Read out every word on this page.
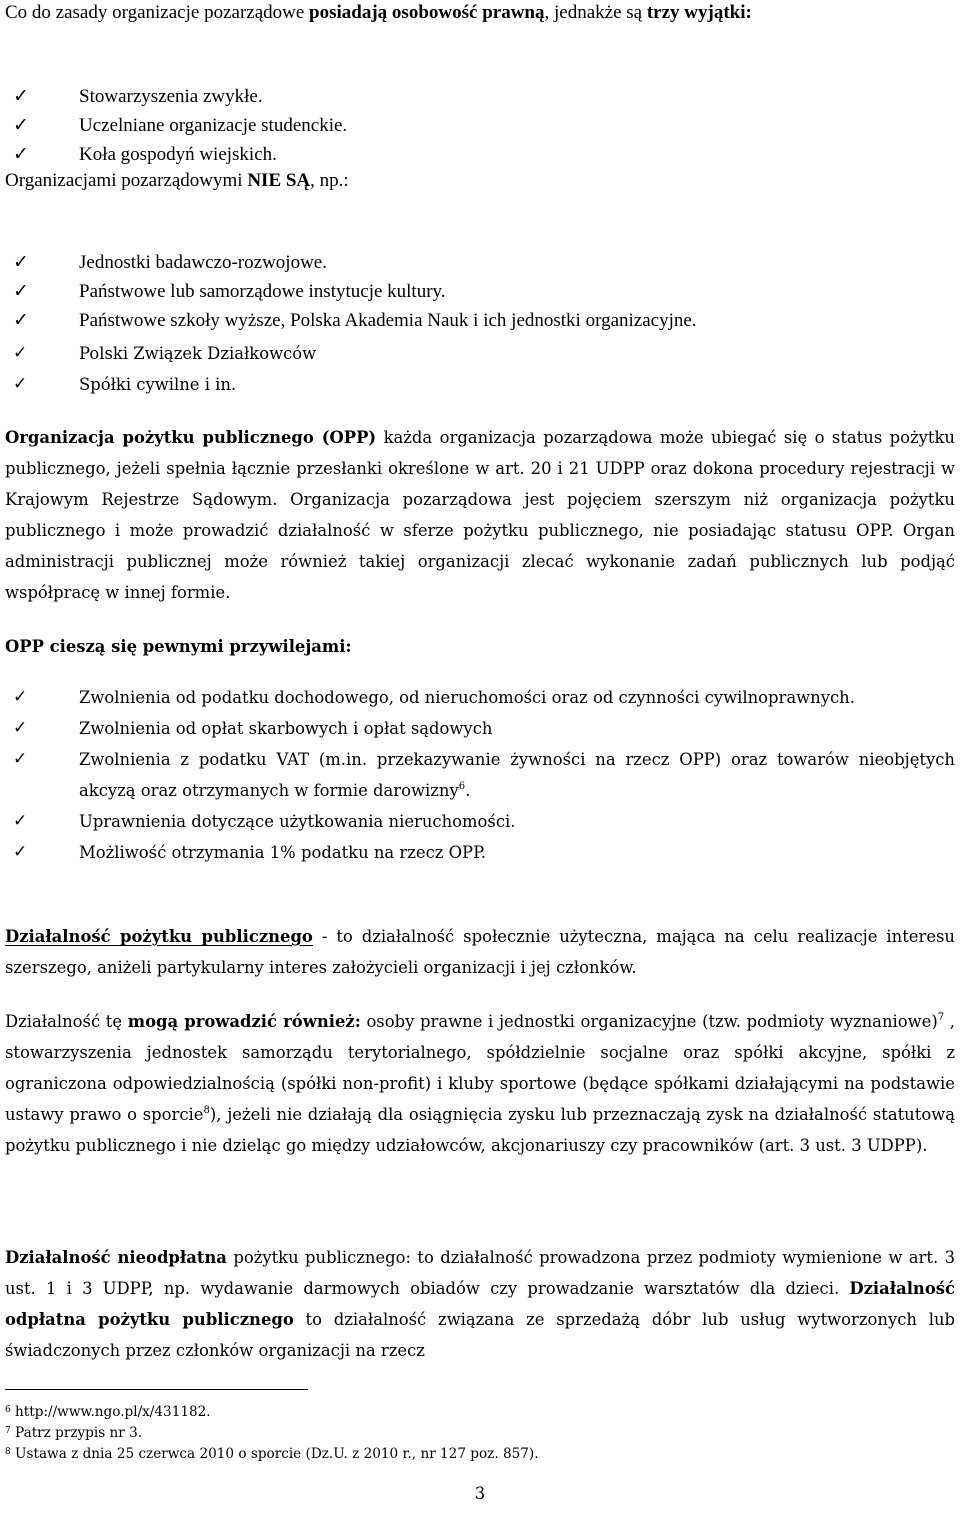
Co do zasady organizacje pozarządowe posiadają osobowość prawną, jednakże są trzy wyjątki:

✓	Stowarzyszenia zwykłe.
✓	Uczelniane organizacje studenckie.
✓	Koła gospodyń wiejskich.

Organizacjami pozarządowymi NIE SĄ, np.:

✓	Jednostki badawczo-rozwojowe.
✓	Państwowe lub samorządowe instytucje kultury.
✓	Państwowe szkoły wyższe, Polska Akademia Nauk i ich jednostki organizacyjne.
✓	Polski Związek Działkowców
✓	Spółki cywilne i in.

Organizacja pożytku publicznego (OPP) każda organizacja pozarządowa może ubiegać się o status pożytku publicznego, jeżeli spełnia łącznie przesłanki określone w art. 20 i 21 UDPP oraz dokona procedury rejestracji w Krajowym Rejestrze Sądowym. Organizacja pozarządowa jest pojęciem szerszym niż organizacja pożytku publicznego i może prowadzić działalność w sferze pożytku publicznego, nie posiadając statusu OPP. Organ administracji publicznej może również takiej organizacji zlecać wykonanie zadań publicznych lub podjąć współpracę w innej formie.

OPP cieszą się pewnymi przywilejami:

✓	Zwolnienia od podatku dochodowego, od nieruchomości oraz od czynności cywilnoprawnych.
✓	Zwolnienia od opłat skarbowych i opłat sądowych
✓	Zwolnienia z podatku VAT (m.in. przekazywanie żywności na rzecz OPP) oraz towarów nieobjętych akcyzą oraz otrzymanych w formie darowizny$^6$.
✓	Uprawnienia dotyczące użytkowania nieruchomości.
✓	Możliwość otrzymania 1% podatku na rzecz OPP.

Działalność pożytku publicznego - to działalność społecznie użyteczna, mająca na celu realizacje interesu szerszego, aniżeli partykularny interes założycieli organizacji i jej członków.

Działalność tę mogą prowadzić również: osoby prawne i jednostki organizacyjne (tzw. podmioty wyznaniowe)$^7$ , stowarzyszenia jednostek samorządu terytorialnego, spółdzielnie socjalne oraz spółki akcyjne, spółki z ograniczona odpowiedzialnością (spółki non-profit) i kluby sportowe (będące spółkami działającymi na podstawie ustawy prawo o sporcie$^8$), jeżeli nie działają dla osiągnięcia zysku lub przeznaczają zysk na działalność statutową pożytku publicznego i nie dzieląc go między udziałowców, akcjonariuszy czy pracowników (art. 3 ust. 3 UDPP).

Działalność nieodpłatna pożytku publicznego: to działalność prowadzona przez podmioty wymienione w art. 3 ust. 1 i 3 UDPP, np. wydawanie darmowych obiadów czy prowadzanie warsztatów dla dzieci. Działalność odpłatna pożytku publicznego to działalność związana ze sprzedażą dóbr lub usług wytworzonych lub świadczonych przez członków organizacji na rzecz

$^6$ http://www.ngo.pl/x/431182.
$^7$ Patrz przypis nr 3.
$^8$ Ustawa z dnia 25 czerwca 2010 o sporcie (Dz.U. z 2010 r., nr 127 poz. 857).
3
